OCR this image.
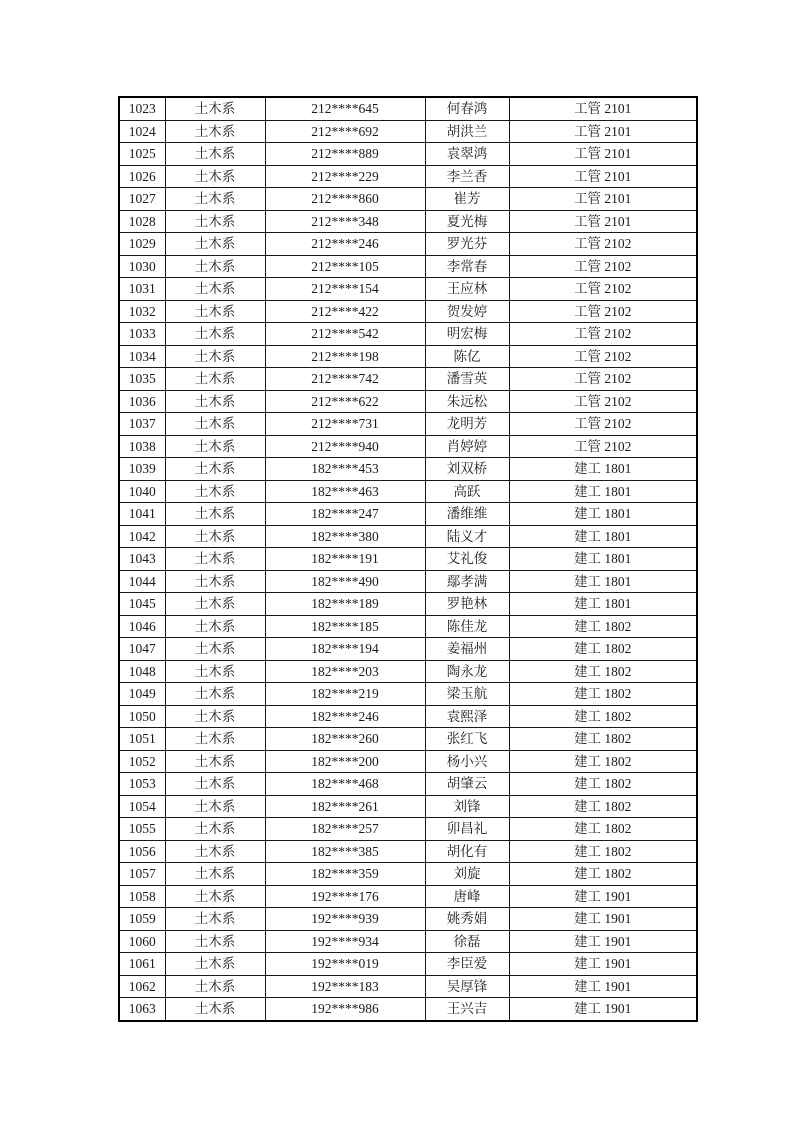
1023	土木系	212****645	何春鸿	工管 2101
1024	土木系	212****692	胡洪兰	工管 2101
1025	土木系	212****889	袁翠鸿	工管 2101
1026	土木系	212****229	李兰香	工管 2101
1027	土木系	212****860	崔芳	工管 2101
1028	土木系	212****348	夏光梅	工管 2101
1029	土木系	212****246	罗光芬	工管 2102
1030	土木系	212****105	李常春	工管 2102
1031	土木系	212****154	王应林	工管 2102
1032	土木系	212****422	贺发婷	工管 2102
1033	土木系	212****542	明宏梅	工管 2102
1034	土木系	212****198	陈亿	工管 2102
1035	土木系	212****742	潘雪英	工管 2102
1036	土木系	212****622	朱远松	工管 2102
1037	土木系	212****731	龙明芳	工管 2102
1038	土木系	212****940	肖婷婷	工管 2102
1039	土木系	182****453	刘双桥	建工 1801
1040	土木系	182****463	高跃	建工 1801
1041	土木系	182****247	潘维维	建工 1801
1042	土木系	182****380	陆义才	建工 1801
1043	土木系	182****191	艾礼俊	建工 1801
1044	土木系	182****490	鄢孝满	建工 1801
1045	土木系	182****189	罗艳林	建工 1801
1046	土木系	182****185	陈佳龙	建工 1802
1047	土木系	182****194	姜福州	建工 1802
1048	土木系	182****203	陶永龙	建工 1802
1049	土木系	182****219	梁玉航	建工 1802
1050	土木系	182****246	袁熙泽	建工 1802
1051	土木系	182****260	张红飞	建工 1802
1052	土木系	182****200	杨小兴	建工 1802
1053	土木系	182****468	胡肇云	建工 1802
1054	土木系	182****261	刘锋	建工 1802
1055	土木系	182****257	卯昌礼	建工 1802
1056	土木系	182****385	胡化有	建工 1802
1057	土木系	182****359	刘旋	建工 1802
1058	土木系	192****176	唐峰	建工 1901
1059	土木系	192****939	姚秀娟	建工 1901
1060	土木系	192****934	徐磊	建工 1901
1061	土木系	192****019	李臣爱	建工 1901
1062	土木系	192****183	吴厚锋	建工 1901
1063	土木系	192****986	王兴吉	建工 1901
